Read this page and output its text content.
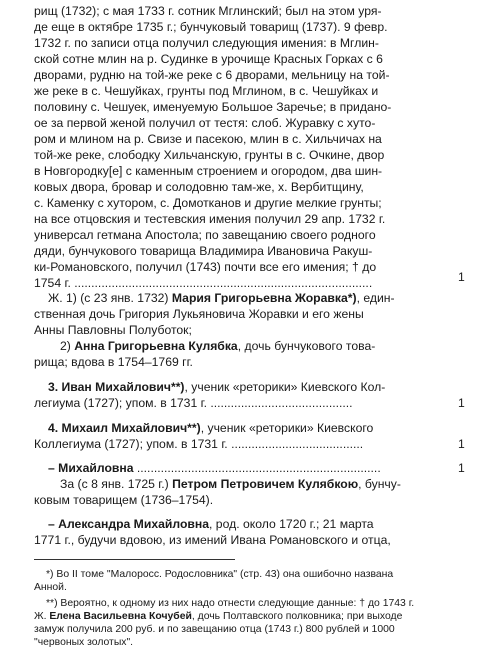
рищ (1732); с мая 1733 г. сотник Мглинский; был на этом уря-
де еще в октябре 1735 г.; бунчуковый товарищ (1737). 9 февр.
1732 г. по записи отца получил следующия имения: в Мглин-
ской сотне млин на р. Судинке в урочище Красных Горках с 6
дворами, рудню на той-же реке с 6 дворами, мельницу на той-
же реке в с. Чешуйках, грунты под Мглином, в с. Чешуйках и
половину с. Чешуек, именуемую Большое Заречье; в придано-
ое за первой женой получил от тестя: слоб. Журавку с хуто-
ром и млином на р. Свизе и пасекою, млин в с. Хильчичах на
той-же реке, слободку Хильчанскую, грунты в с. Очкине, двор
в Новгородку[е] с каменным строением и огородом, два шин-
ковых двора, бровар и солодовню там-же, х. Вербитщину,
с. Каменку с хутором, с. Домотканов и другие мелкие грунты;
на все отцовския и тестевския имения получил 29 апр. 1732 г.
универсал гетмана Апостола; по завещанию своего родного
дяди, бунчукового товарища Владимира Ивановича Ракуш-
ки-Романовского, получил (1743) почти все его имения; † до
1754 г. ........................................................................................	1
Ж. 1) (с 23 янв. 1732) Мария Григорьевна Жоравка*), един-
ственная дочь Григория Лукьяновича Жоравки и его жены
Анны Павловны Полуботок;
2) Анна Григорьевна Кулябка, дочь бунчукового това-
рища; вдова в 1754–1769 гг.
3. Иван Михайлович**), ученик «реторики» Киевского Кол-
легиума (1727); упом. в 1731 г. ..........................................	1
4. Михаил Михайлович**), ученик «реторики» Киевского
Коллегиума (1727); упом. в 1731 г. .......................................	1
– Михайловна ........................................................................	1
За (с 8 янв. 1725 г.) Петром Петровичем Кулябкою, бунчу-
ковым товарищем (1736–1754).
– Александра Михайловна, род. около 1720 г.; 21 марта
1771 г., будучи вдовою, из имений Ивана Романовского и отца,
*) Во II томе "Малоросс. Родословника" (стр. 43) она ошибочно названа
Анной.
**) Вероятно, к одному из них надо отнести следующие данные: † до 1743 г.
Ж. Елена Васильевна Кочубей, дочь Полтавского полковника; при выходе
замуж получила 200 руб. и по завещанию отца (1743 г.) 800 рублей и 1000
"червоных золотых".
